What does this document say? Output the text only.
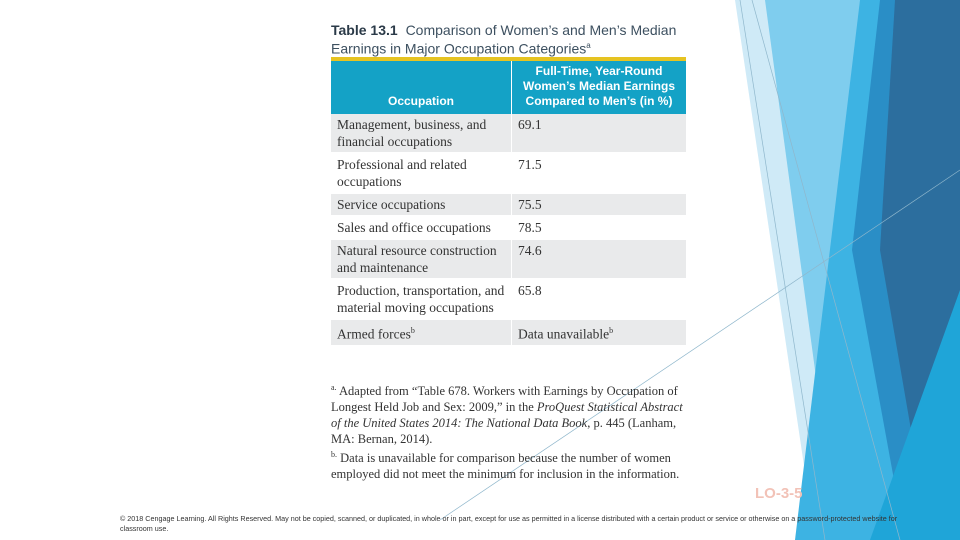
Table 13.1 Comparison of Women’s and Men’s Median Earnings in Major Occupation Categories$^a$
Occupation	Full-Time, Year-Round Women’s Median Earnings Compared to Men’s (in %)
Management, business, and financial occupations	69.1
Professional and related occupations	71.5
Service occupations	75.5
Sales and office occupations	78.5
Natural resource construction and maintenance	74.6
Production, transportation, and material moving occupations	65.8
Armed forces$^b$	Data unavailable$^b$

$^{a.}$ Adapted from “Table 678. Workers with Earnings by Occupation of Longest Held Job and Sex: 2009,” in the ProQuest Statistical Abstract of the United States 2014: The National Data Book, p. 445 (Lanham, MA: Bernan, 2014).

$^{b.}$ Data is unavailable for comparison because the number of women employed did not meet the minimum for inclusion in the information.

LO-3-5
© 2018 Cengage Learning. All Rights Reserved. May not be copied, scanned, or duplicated, in whole or in part, except for use as permitted in a license distributed with a certain product or service or otherwise on a password-protected website for classroom use.
